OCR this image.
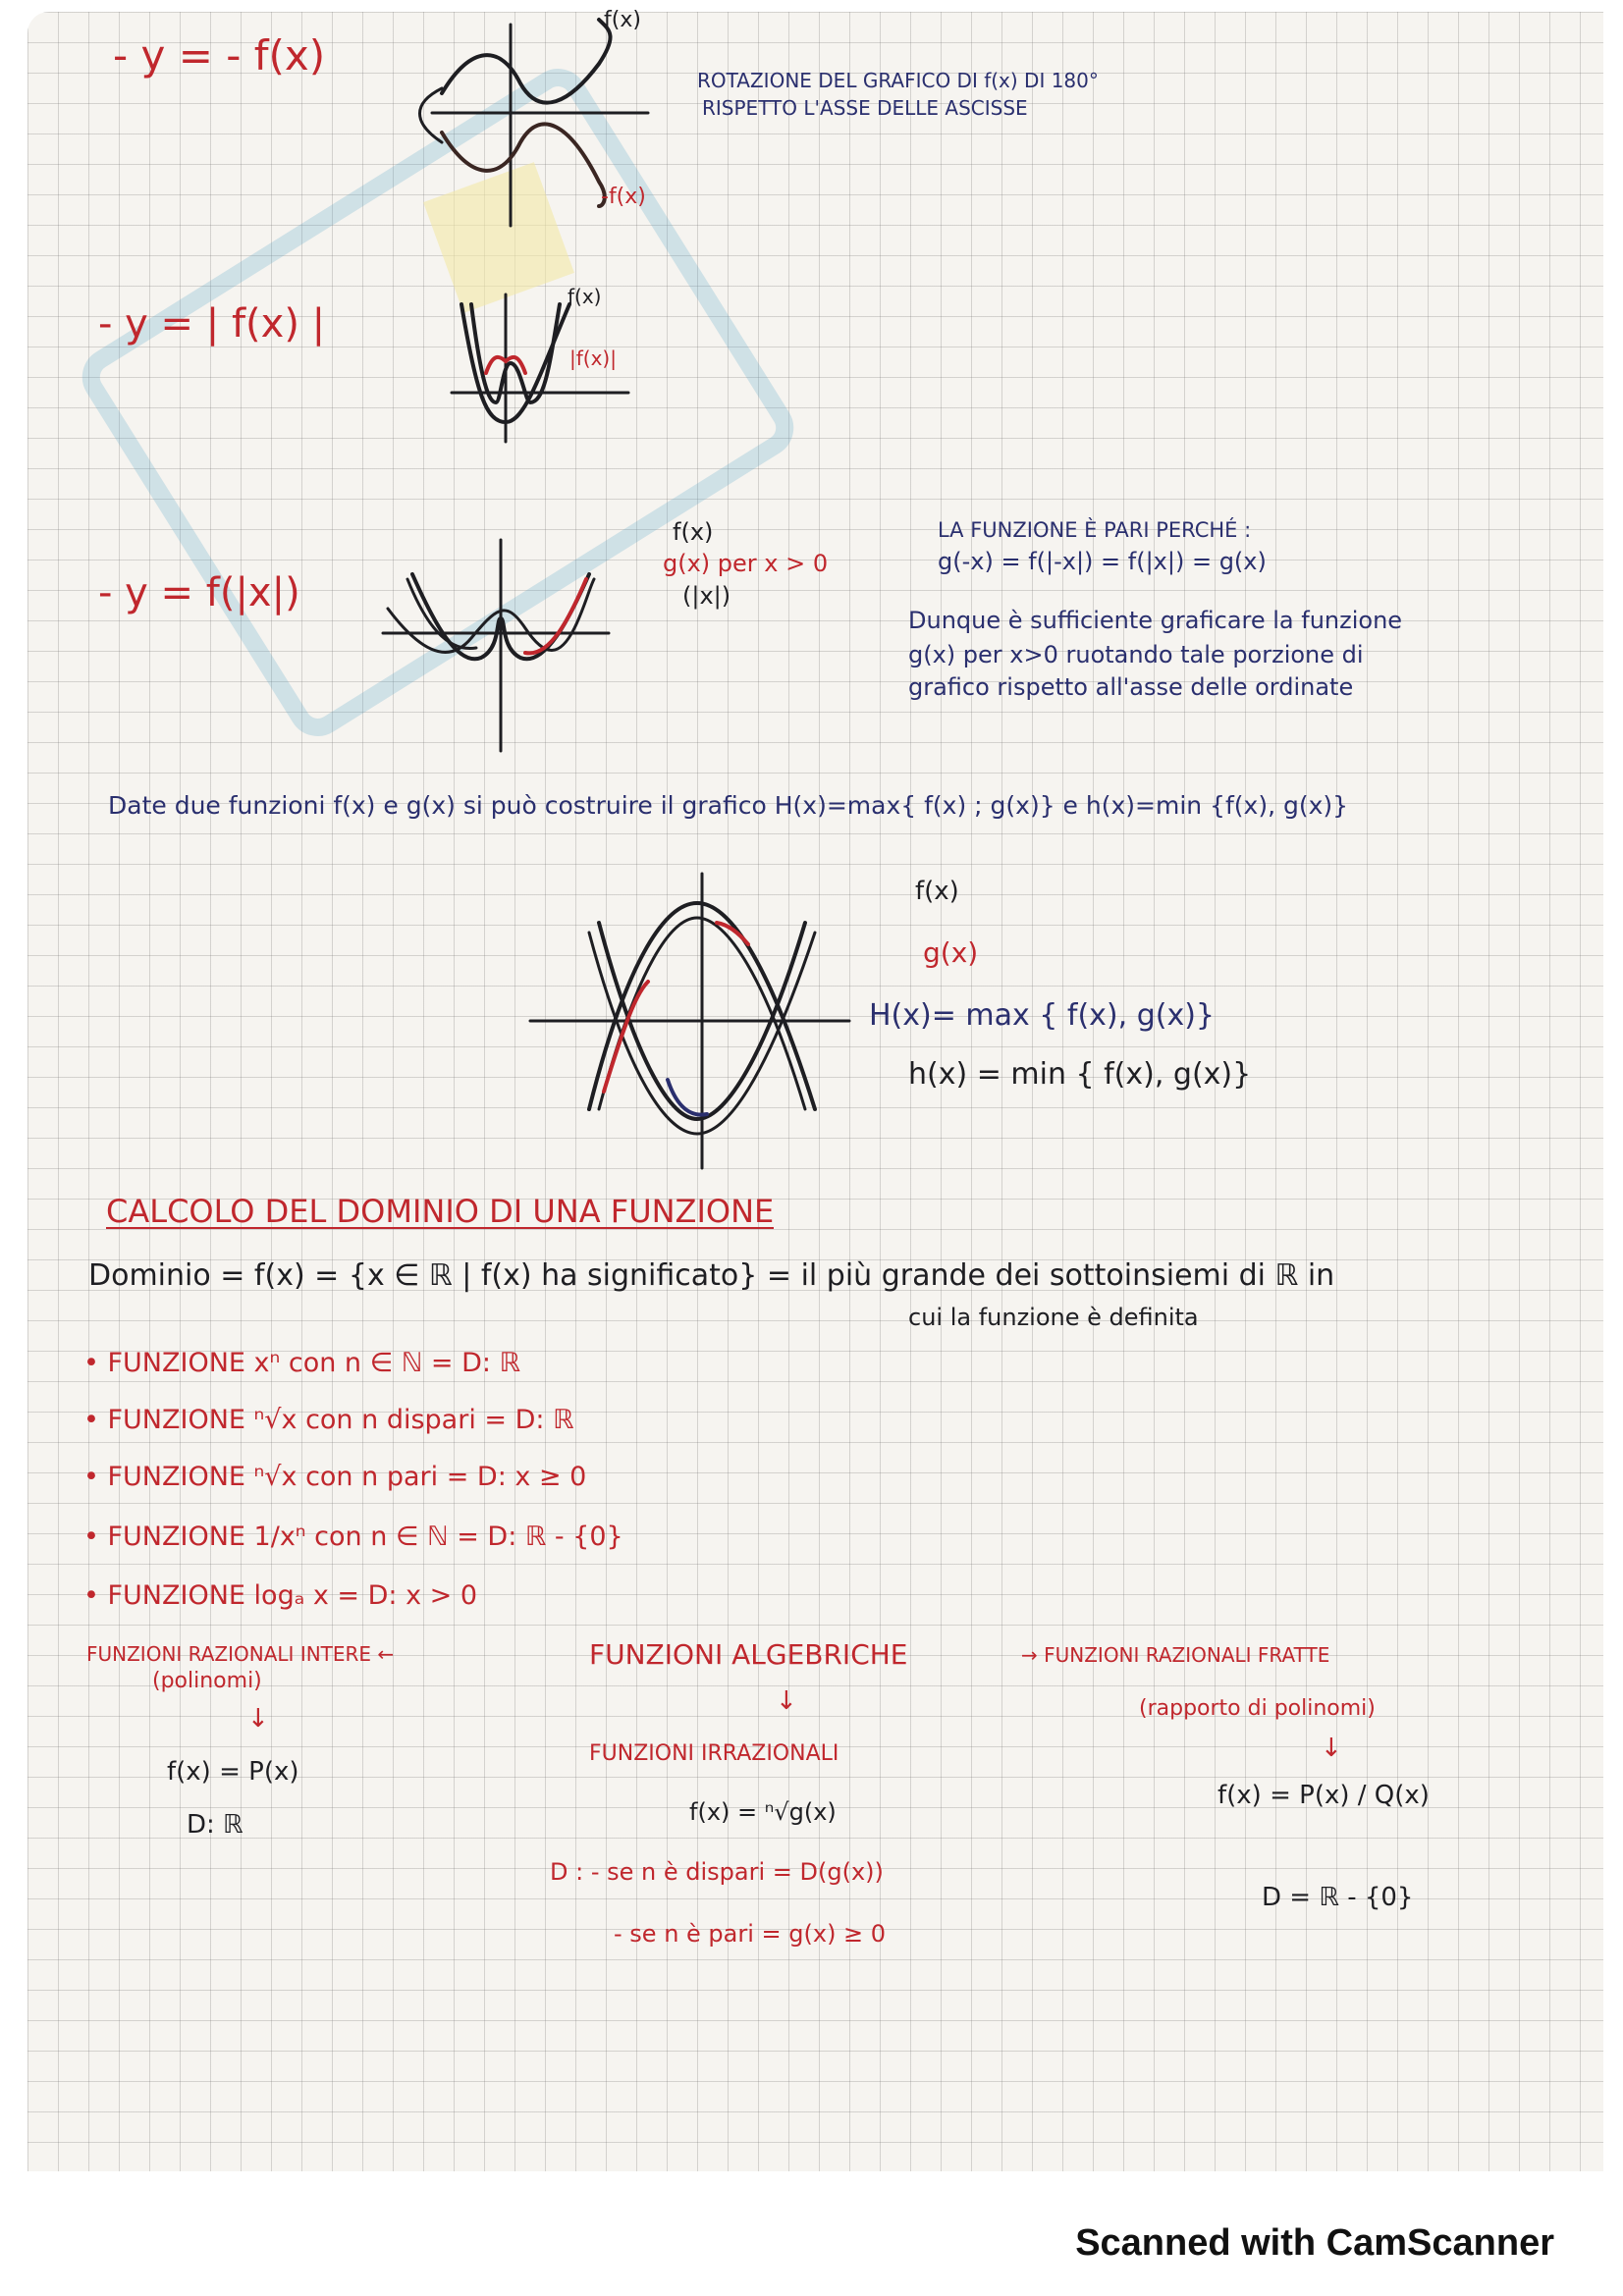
- y = - f(x)
f(x)
-f(x)
ROTAZIONE DEL GRAFICO DI f(x) DI 180°
RISPETTO L'ASSE DELLE ASCISSE
- y = | f(x) |
f(x)
|f(x)|
- y = f(|x|)
f(x)
g(x) per x > 0
(|x|)
LA FUNZIONE È PARI PERCHÉ :
g(-x) = f(|-x|) = f(|x|) = g(x)
Dunque è sufficiente graficare la funzione
g(x) per x>0 ruotando tale porzione di
grafico rispetto all'asse delle ordinate
Date due funzioni f(x) e g(x) si può costruire il grafico H(x)=max{ f(x) ; g(x)} e h(x)=min {f(x), g(x)}
f(x)
g(x)
H(x)= max { f(x), g(x)}
h(x) = min { f(x), g(x)}
CALCOLO DEL DOMINIO DI UNA FUNZIONE
Dominio = f(x) = {x ∈ ℝ | f(x) ha significato} = il più grande dei sottoinsiemi di ℝ in
cui la funzione è definita
• FUNZIONE xⁿ con n ∈ ℕ = D: ℝ
• FUNZIONE ⁿ√x con n dispari = D: ℝ
• FUNZIONE ⁿ√x con n pari = D: x ≥ 0
• FUNZIONE 1/xⁿ con n ∈ ℕ = D: ℝ - {0}
• FUNZIONE logₐ x = D: x > 0
FUNZIONI RAZIONALI INTERE ←
(polinomi)
FUNZIONI ALGEBRICHE	→ FUNZIONI RAZIONALI FRATTE
(rapporto di polinomi)
↓
↓
↓
f(x) = P(x)
D: ℝ
FUNZIONI IRRAZIONALI
f(x) = ⁿ√g(x)
D : - se n è dispari = D(g(x))
- se n è pari = g(x) ≥ 0
f(x) = P(x) / Q(x)
D = ℝ - {0}
Scanned with CamScanner
